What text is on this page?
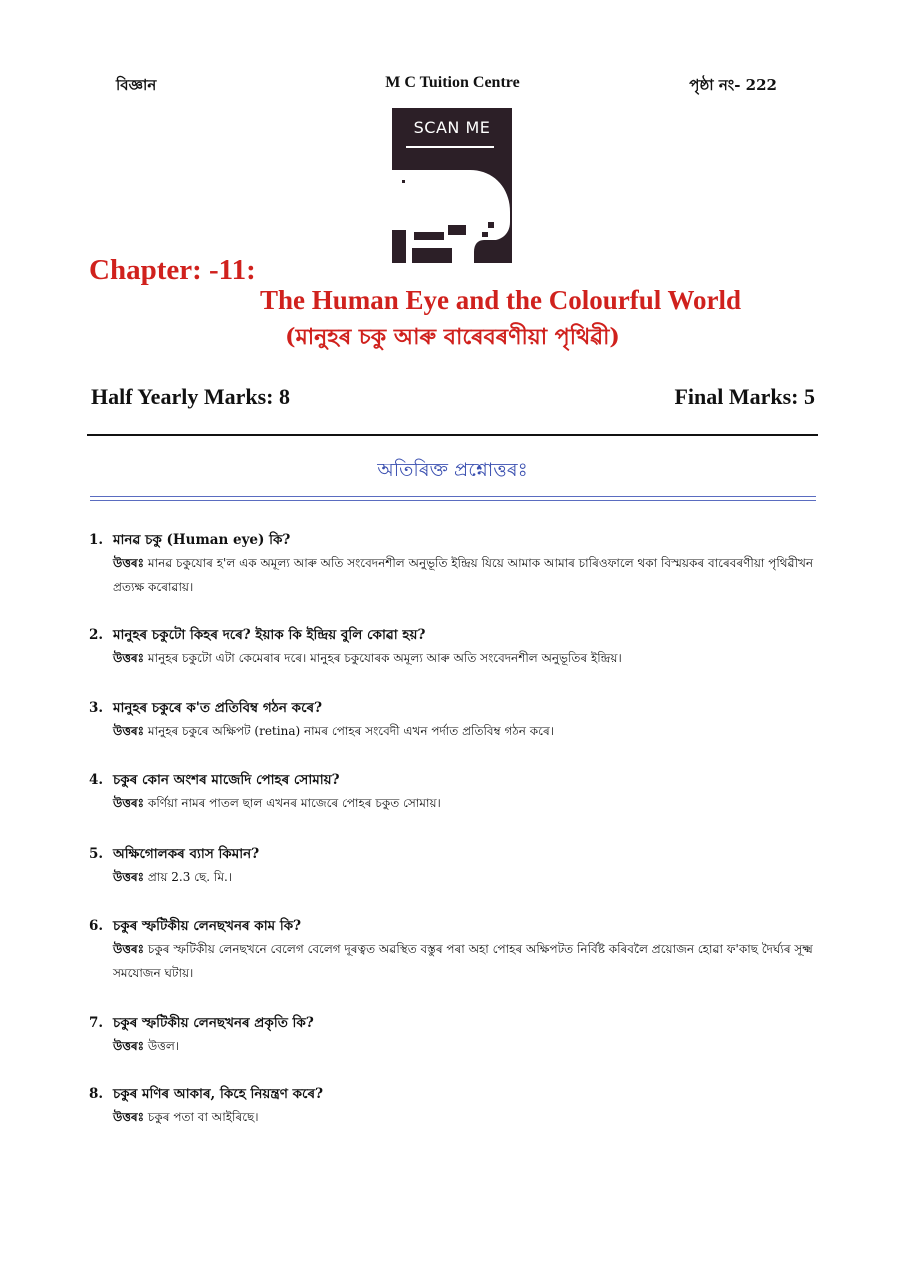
বিজ্ঞান	M C Tuition Centre	পৃষ্ঠা নং- 222
SCAN ME
Chapter: -11:
The Human Eye and the Colourful World
(মানুহৰ চকু আৰু বাৰেবৰণীয়া পৃথিৱী)
Half Yearly Marks: 8	Final Marks: 5
অতিৰিক্ত প্ৰশ্নোত্তৰঃ
1. মানৱ চকু (Human eye) কি?
উত্তৰঃ মানৱ চকুযোৰ হ'ল এক অমূল্য আৰু অতি সংবেদনশীল অনুভূতি ইন্দ্ৰিয় যিয়ে আমাক আমাৰ চাৰিওফালে থকা বিস্ময়কৰ বাৰেবৰণীয়া পৃথিৱীখন প্ৰত্যক্ষ কৰোৱায়।
2. মানুহৰ চকুটো কিহৰ দৰে? ইয়াক কি ইন্দ্ৰিয় বুলি কোৱা হয়?
উত্তৰঃ মানুহৰ চকুটো এটা কেমেৰাৰ দৰে। মানুহৰ চকুযোৰক অমূল্য আৰু অতি সংবেদনশীল অনুভূতিৰ ইন্দ্ৰিয়।
3. মানুহৰ চকুৰে ক'ত প্ৰতিবিম্ব গঠন কৰে?
উত্তৰঃ মানুহৰ চকুৰে অক্ষিপট (retina) নামৰ পোহৰ সংবেদী এখন পৰ্দাত প্ৰতিবিম্ব গঠন কৰে।
4. চকুৰ কোন অংশৰ মাজেদি পোহৰ সোমায়?
উত্তৰঃ কৰ্ণিয়া নামৰ পাতল ছাল এখনৰ মাজেৰে পোহৰ চকুত সোমায়।
5. অক্ষিগোলকৰ ব্যাস কিমান?
উত্তৰঃ প্ৰায় 2.3 ছে. মি.।
6. চকুৰ স্ফটিকীয় লেনছখনৰ কাম কি?
উত্তৰঃ চকুৰ স্ফটিকীয় লেনছখনে বেলেগ বেলেগ দূৰত্বত অৱস্থিত বস্তুৰ পৰা অহা পোহৰ অক্ষিপটত নিৰ্বিষ্ট কৰিবলৈ প্ৰয়োজন হোৱা ফ'কাছ দৈৰ্ঘ্যৰ সূক্ষ্ম সমযোজন ঘটায়।
7. চকুৰ স্ফটিকীয় লেনছখনৰ প্ৰকৃতি কি?
উত্তৰঃ উত্তল।
8. চকুৰ মণিৰ আকাৰ, কিহে নিয়ন্ত্ৰণ কৰে?
উত্তৰঃ চকুৰ পতা বা আইৰিছে।
